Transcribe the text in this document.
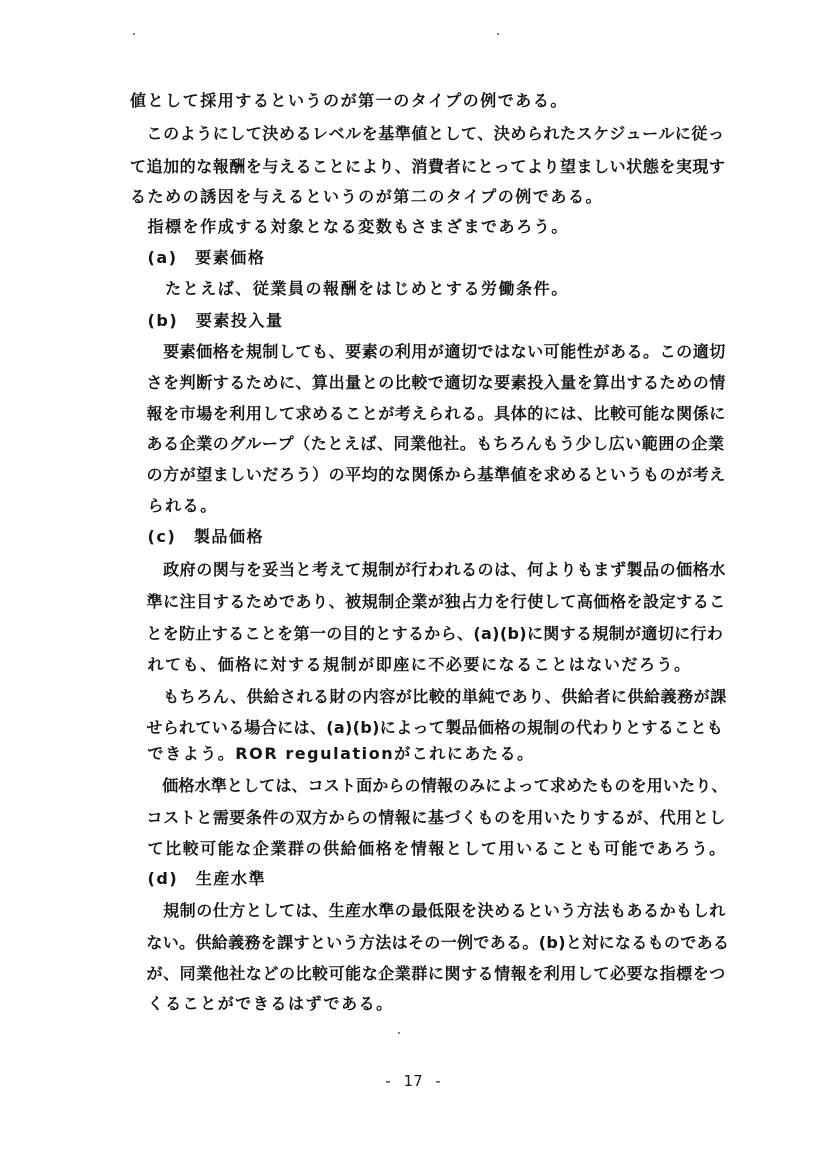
値として採用するというのが第一のタイプの例である。
　このようにして決めるレベルを基準値として、決められたスケジュールに従っ
て追加的な報酬を与えることにより、消費者にとってより望ましい状態を実現す
るための誘因を与えるというのが第二のタイプの例である。
　指標を作成する対象となる変数もさまざまであろう。
　(a)　要素価格
　　たとえば、従業員の報酬をはじめとする労働条件。
　(b)　要素投入量
　　要素価格を規制しても、要素の利用が適切ではない可能性がある。この適切
　さを判断するために、算出量との比較で適切な要素投入量を算出するための情
　報を市場を利用して求めることが考えられる。具体的には、比較可能な関係に
　ある企業のグループ（たとえば、同業他社。もちろんもう少し広い範囲の企業
　の方が望ましいだろう）の平均的な関係から基準値を求めるというものが考え
　られる。
　(c)　製品価格
　　政府の関与を妥当と考えて規制が行われるのは、何よりもまず製品の価格水
　準に注目するためであり、被規制企業が独占力を行使して高価格を設定するこ
　とを防止することを第一の目的とするから、(a)(b)に関する規制が適切に行わ
　れても、価格に対する規制が即座に不必要になることはないだろう。
　　もちろん、供給される財の内容が比較的単純であり、供給者に供給義務が課
　せられている場合には、(a)(b)によって製品価格の規制の代わりとすることも
　できよう。ROR regulationがこれにあたる。
　　価格水準としては、コスト面からの情報のみによって求めたものを用いたり、
　コストと需要条件の双方からの情報に基づくものを用いたりするが、代用とし
　て比較可能な企業群の供給価格を情報として用いることも可能であろう。
　(d)　生産水準
　　規制の仕方としては、生産水準の最低限を決めるという方法もあるかもしれ
　ない。供給義務を課すという方法はその一例である。(b)と対になるものである
　が、同業他社などの比較可能な企業群に関する情報を利用して必要な指標をつ
　くることができるはずである。
- 17 -
